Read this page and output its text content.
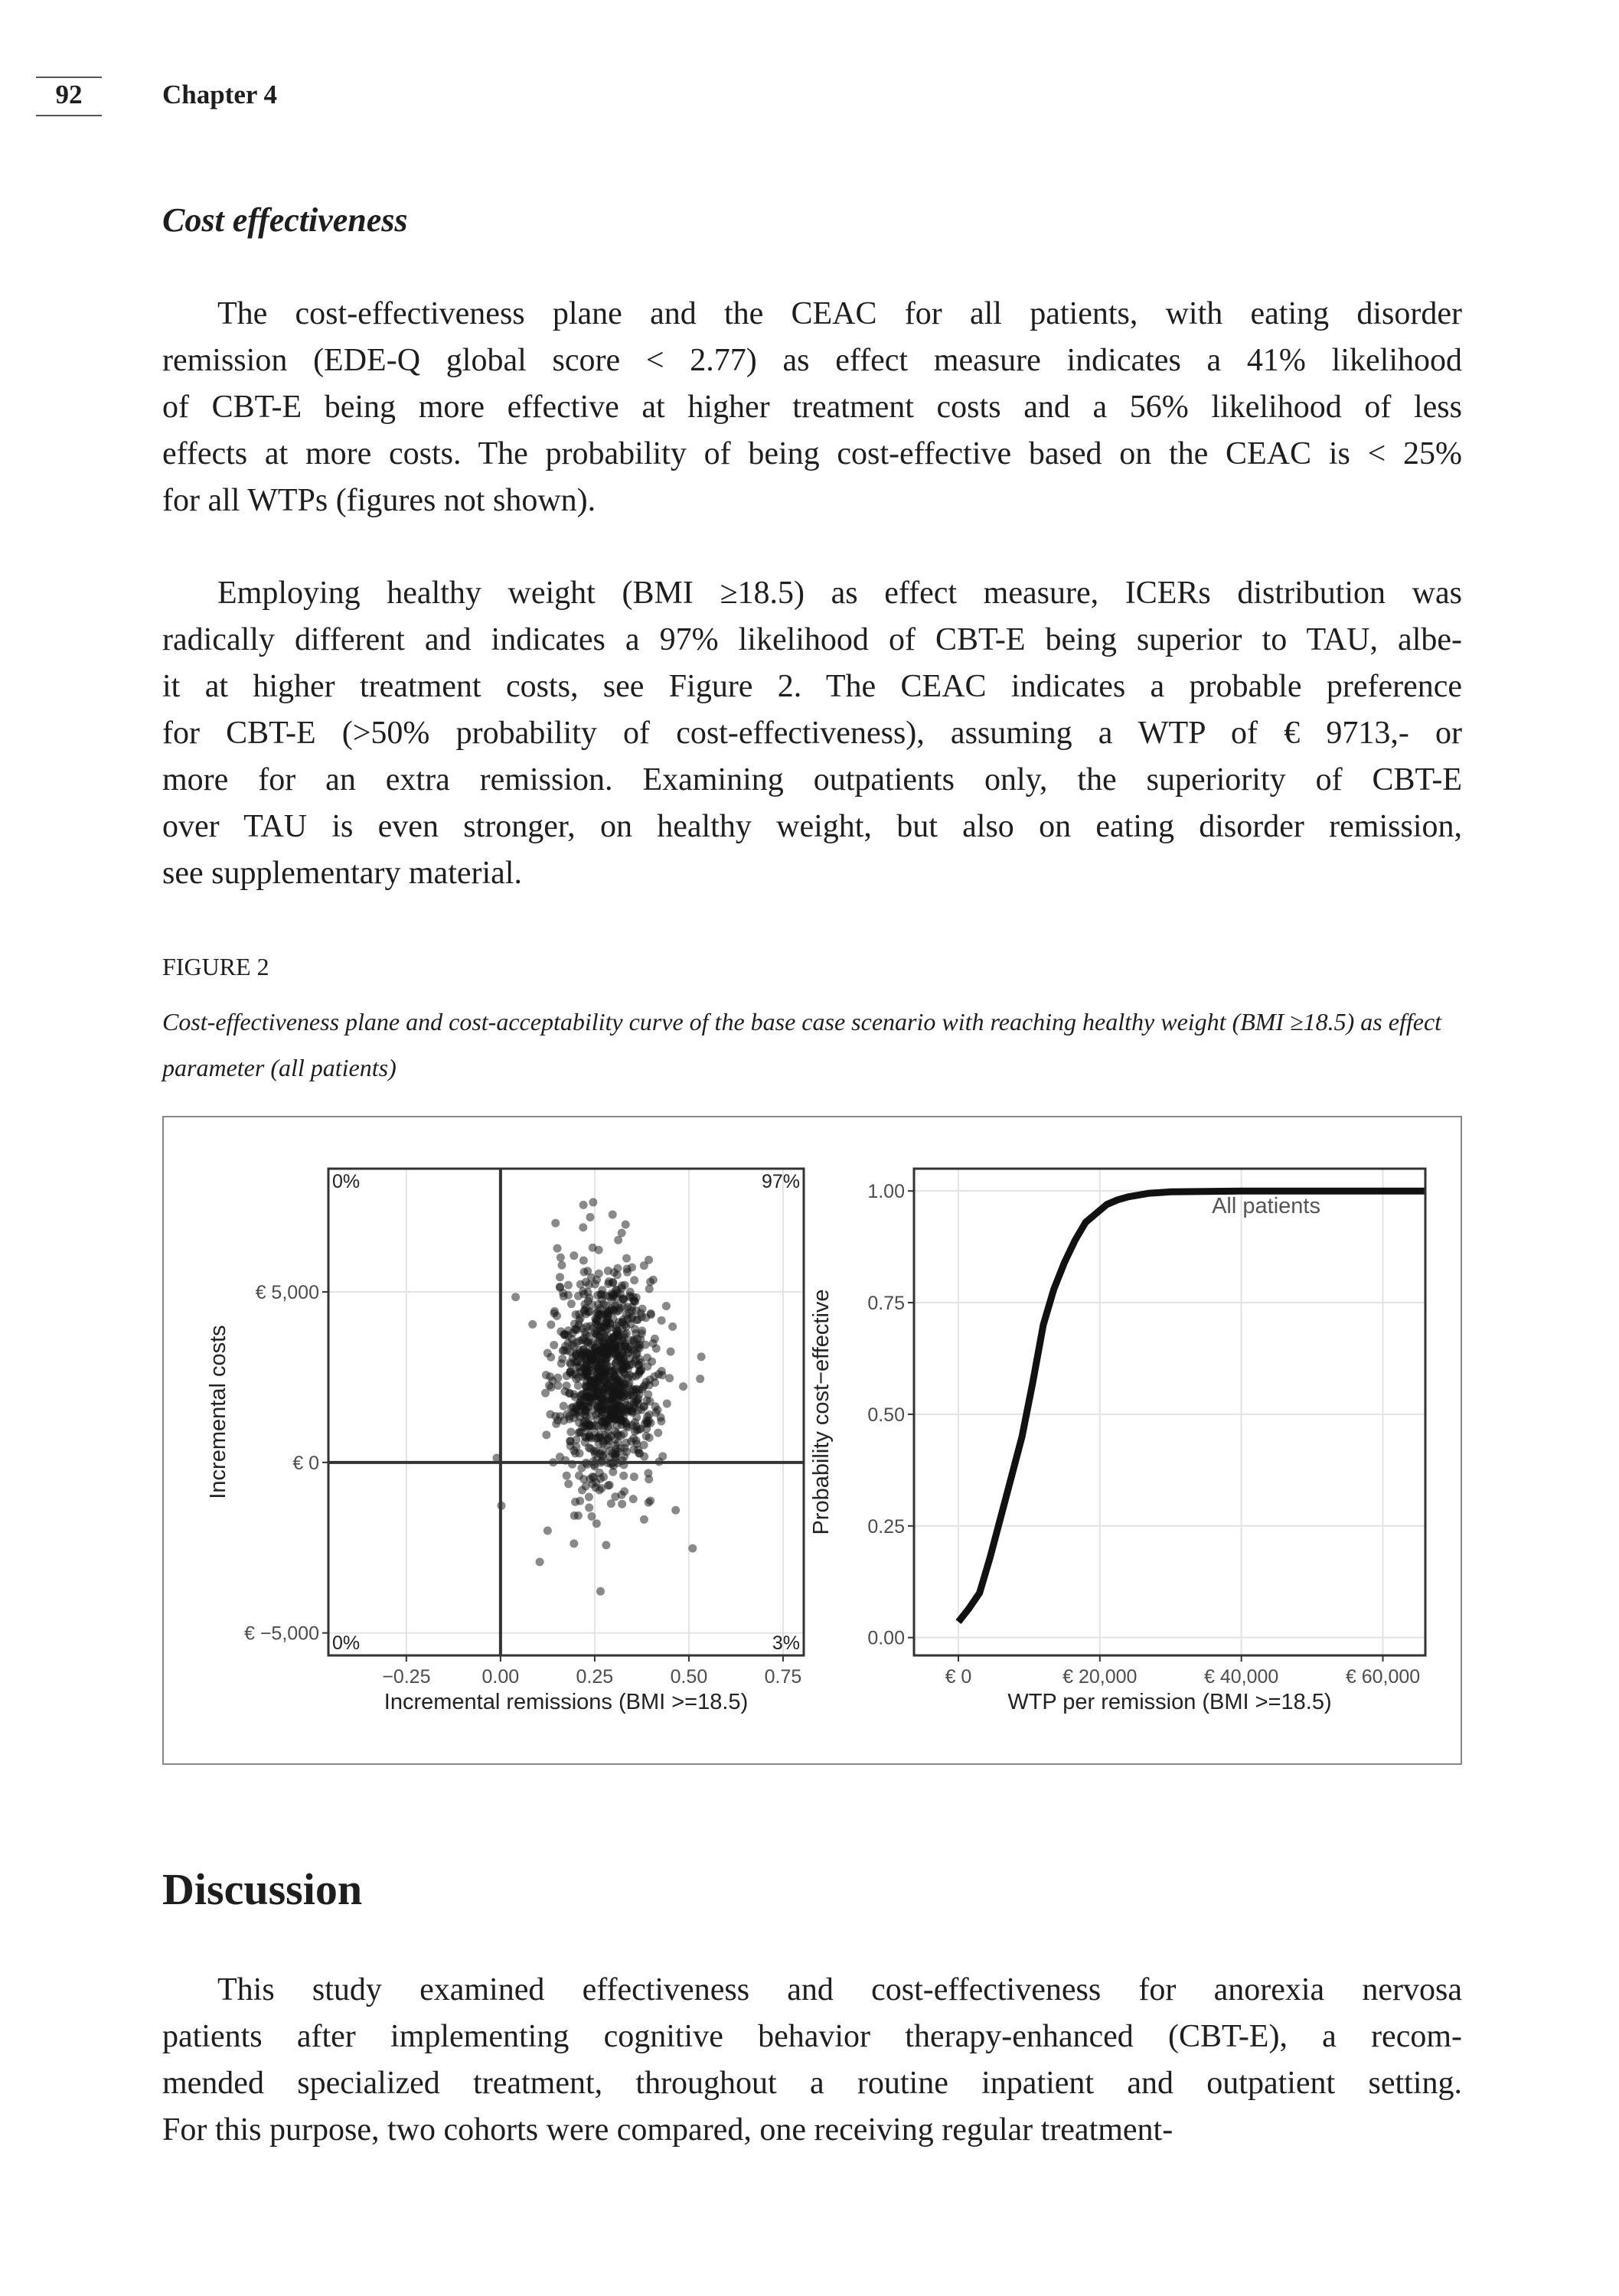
92	Chapter 4
Cost effectiveness
The cost-effectiveness plane and the CEAC for all patients, with eating disorder
remission (EDE-Q global score < 2.77) as effect measure indicates a 41% likelihood
of CBT-E being more effective at higher treatment costs and a 56% likelihood of less
effects at more costs. The probability of being cost-effective based on the CEAC is < 25%
for all WTPs (figures not shown).
Employing healthy weight (BMI ≥18.5) as effect measure, ICERs distribution was
radically different and indicates a 97% likelihood of CBT-E being superior to TAU, albe-
it at higher treatment costs, see Figure 2. The CEAC indicates a probable preference
for CBT-E (>50% probability of cost-effectiveness), assuming a WTP of € 9713,- or
more for an extra remission. Examining outpatients only, the superiority of CBT-E
over TAU is even stronger, on healthy weight, but also on eating disorder remission,
see supplementary material.
FIGURE 2
Cost-effectiveness plane and cost-acceptability curve of the base case scenario with reaching healthy weight (BMI ≥18.5) as effect parameter (all patients)
−0.25	0.00	0.25	0.50	0.75
€ 5,000
€ 0
€ −5,000
Incremental remissions (BMI >=18.5)
Incremental costs
0%	97%
0%	3%
€ 0	€ 20,000	€ 40,000	€ 60,000
0.00
0.25
0.50
0.75
1.00
WTP per remission (BMI >=18.5)
Probability cost−effective
All patients
Discussion
This study examined effectiveness and cost-effectiveness for anorexia nervosa
patients after implementing cognitive behavior therapy-enhanced (CBT-E), a recom-
mended specialized treatment, throughout a routine inpatient and outpatient setting.
For this purpose, two cohorts were compared, one receiving regular treatment-
